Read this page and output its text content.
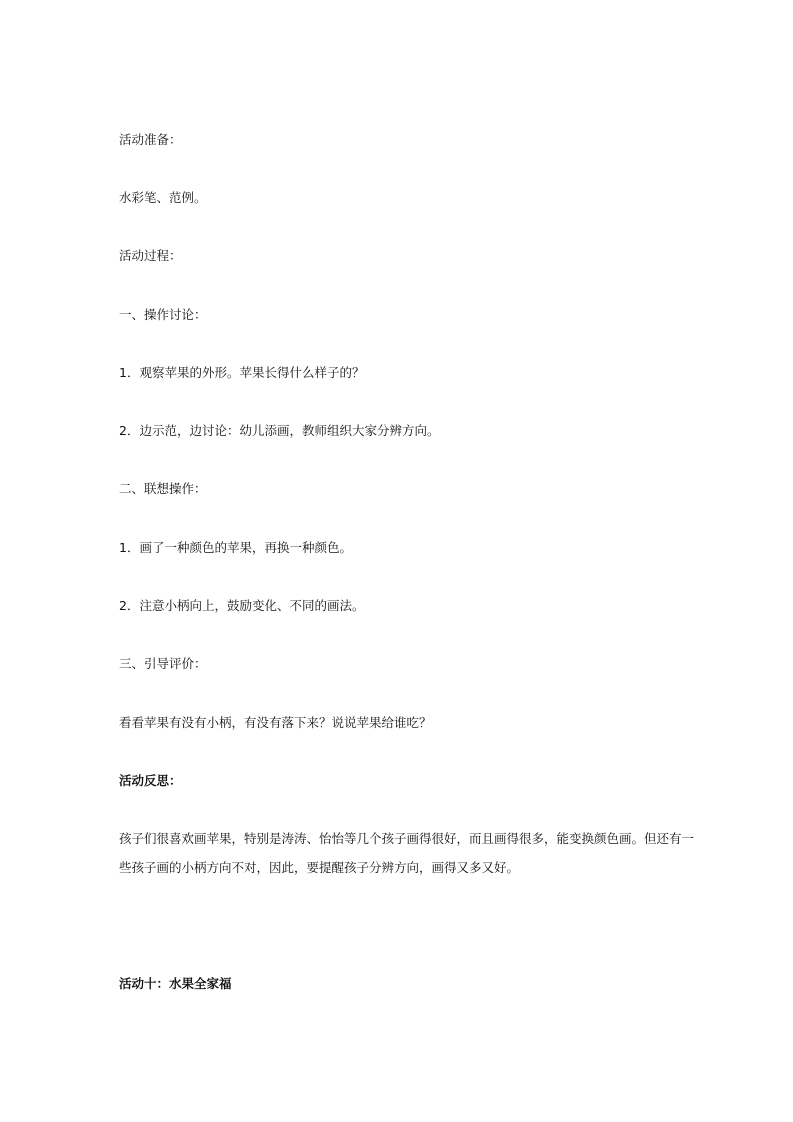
活动准备：
水彩笔、范例。
活动过程：
一、操作讨论：
1．观察苹果的外形。苹果长得什么样子的？
2．边示范，边讨论：幼儿添画，教师组织大家分辨方向。
二、联想操作：
1．画了一种颜色的苹果，再换一种颜色。
2．注意小柄向上，鼓励变化、不同的画法。
三、引导评价：
看看苹果有没有小柄，有没有落下来？说说苹果给谁吃？
活动反思：
孩子们很喜欢画苹果，特别是涛涛、怡怡等几个孩子画得很好，而且画得很多，能变换颜色画。但还有一
些孩子画的小柄方向不对，因此，要提醒孩子分辨方向，画得又多又好。
活动十：水果全家福
